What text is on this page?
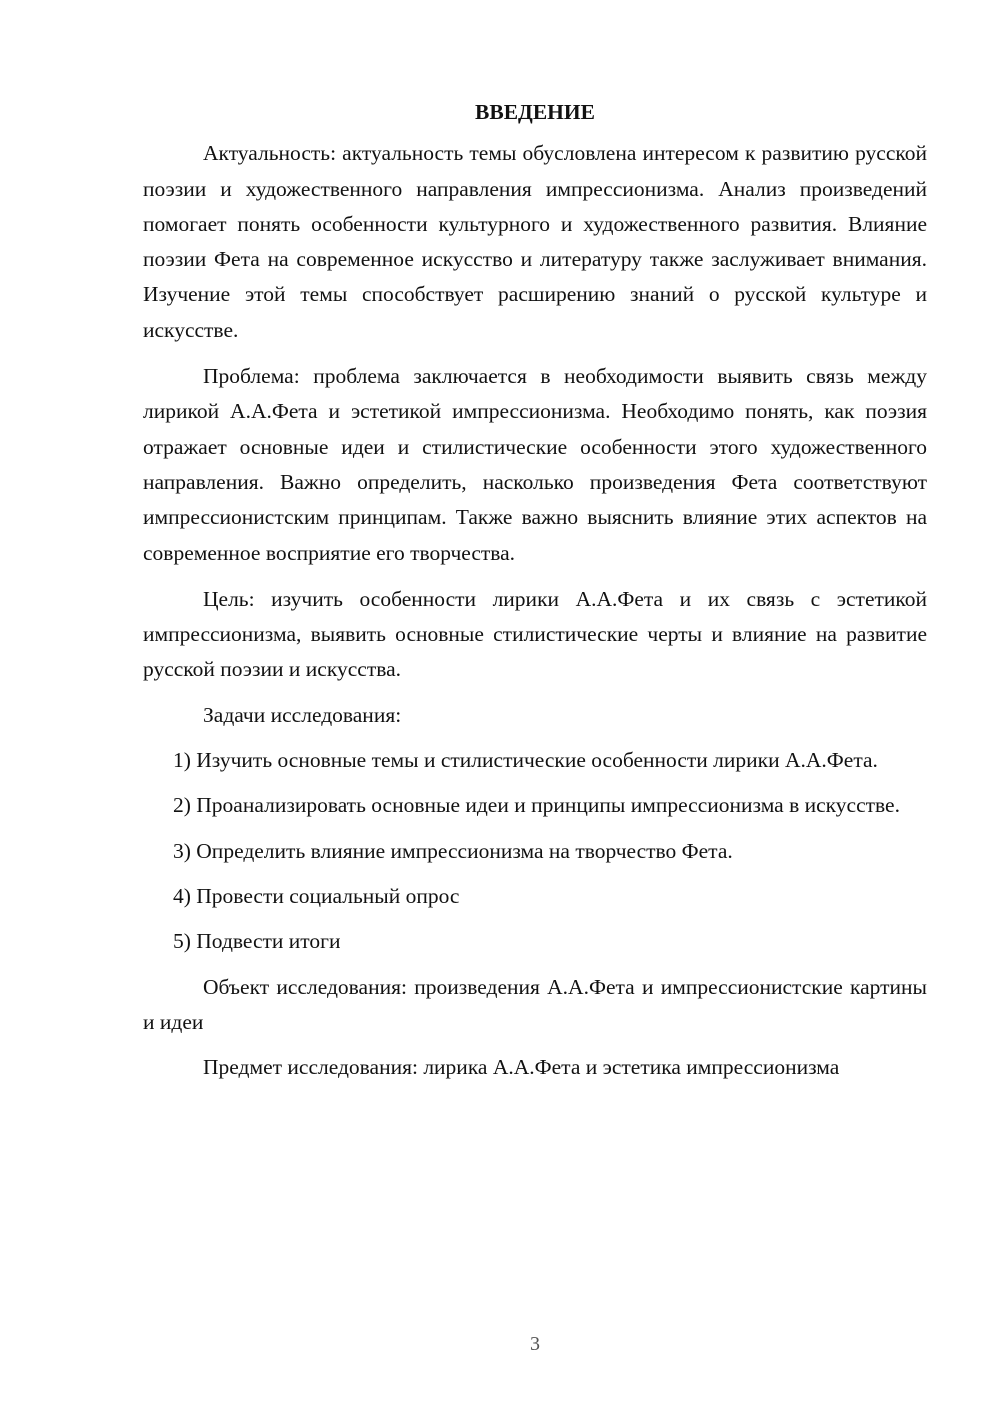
ВВЕДЕНИЕ

Актуальность: актуальность темы обусловлена интересом к развитию русской поэзии и художественного направления импрессионизма. Анализ произведений помогает понять особенности культурного и художественного развития. Влияние поэзии Фета на современное искусство и литературу также заслуживает внимания. Изучение этой темы способствует расширению знаний о русской культуре и искусстве.

Проблема: проблема заключается в необходимости выявить связь между лирикой А.А.Фета и эстетикой импрессионизма. Необходимо понять, как поэзия отражает основные идеи и стилистические особенности этого художественного направления. Важно определить, насколько произведения Фета соответствуют импрессионистским принципам. Также важно выяснить влияние этих аспектов на современное восприятие его творчества.

Цель: изучить особенности лирики А.А.Фета и их связь с эстетикой импрессионизма, выявить основные стилистические черты и влияние на развитие русской поэзии и искусства.

Задачи исследования:

1) Изучить основные темы и стилистические особенности лирики А.А.Фета.

2) Проанализировать основные идеи и принципы импрессионизма в искусстве.

3) Определить влияние импрессионизма на творчество Фета.

4) Провести социальный опрос

5) Подвести итоги

Объект исследования: произведения А.А.Фета и импрессионистские картины и идеи

Предмет исследования: лирика А.А.Фета и эстетика импрессионизма

3
